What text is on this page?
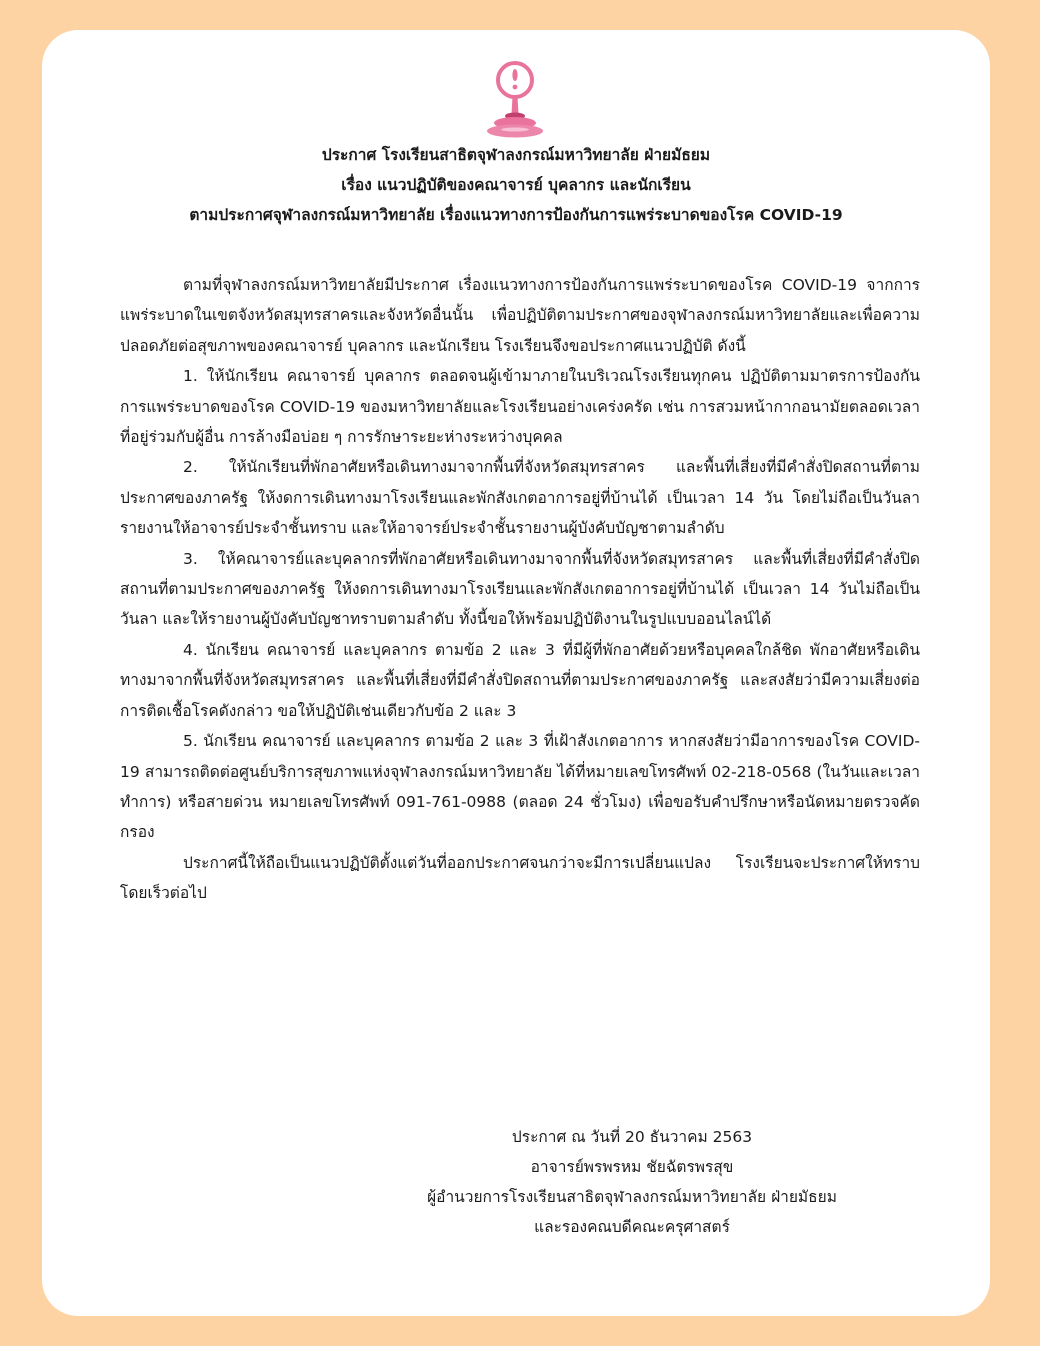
ประกาศ โรงเรียนสาธิตจุฬาลงกรณ์มหาวิทยาลัย ฝ่ายมัธยม
เรื่อง แนวปฏิบัติของคณาจารย์ บุคลากร และนักเรียน
ตามประกาศจุฬาลงกรณ์มหาวิทยาลัย เรื่องแนวทางการป้องกันการแพร่ระบาดของโรค COVID-19

ตามที่จุฬาลงกรณ์มหาวิทยาลัยมีประกาศ เรื่องแนวทางการป้องกันการแพร่ระบาดของโรค COVID-19 จากการแพร่ระบาดในเขตจังหวัดสมุทรสาครและจังหวัดอื่นนั้น เพื่อปฏิบัติตามประกาศของจุฬาลงกรณ์มหาวิทยาลัยและเพื่อความปลอดภัยต่อสุขภาพของคณาจารย์ บุคลากร และนักเรียน โรงเรียนจึงขอประกาศแนวปฏิบัติ ดังนี้

1. ให้นักเรียน คณาจารย์ บุคลากร ตลอดจนผู้เข้ามาภายในบริเวณโรงเรียนทุกคน ปฏิบัติตามมาตรการป้องกันการแพร่ระบาดของโรค COVID-19 ของมหาวิทยาลัยและโรงเรียนอย่างเคร่งครัด เช่น การสวมหน้ากากอนามัยตลอดเวลาที่อยู่ร่วมกับผู้อื่น การล้างมือบ่อย ๆ การรักษาระยะห่างระหว่างบุคคล

2. ให้นักเรียนที่พักอาศัยหรือเดินทางมาจากพื้นที่จังหวัดสมุทรสาคร และพื้นที่เสี่ยงที่มีคำสั่งปิดสถานที่ตามประกาศของภาครัฐ ให้งดการเดินทางมาโรงเรียนและพักสังเกตอาการอยู่ที่บ้านได้ เป็นเวลา 14 วัน โดยไม่ถือเป็นวันลา รายงานให้อาจารย์ประจำชั้นทราบ และให้อาจารย์ประจำชั้นรายงานผู้บังคับบัญชาตามลำดับ

3. ให้คณาจารย์และบุคลากรที่พักอาศัยหรือเดินทางมาจากพื้นที่จังหวัดสมุทรสาคร และพื้นที่เสี่ยงที่มีคำสั่งปิดสถานที่ตามประกาศของภาครัฐ ให้งดการเดินทางมาโรงเรียนและพักสังเกตอาการอยู่ที่บ้านได้ เป็นเวลา 14 วันไม่ถือเป็นวันลา และให้รายงานผู้บังคับบัญชาทราบตามลำดับ ทั้งนี้ขอให้พร้อมปฏิบัติงานในรูปแบบออนไลน์ได้

4. นักเรียน คณาจารย์ และบุคลากร ตามข้อ 2 และ 3 ที่มีผู้ที่พักอาศัยด้วยหรือบุคคลใกล้ชิด พักอาศัยหรือเดินทางมาจากพื้นที่จังหวัดสมุทรสาคร และพื้นที่เสี่ยงที่มีคำสั่งปิดสถานที่ตามประกาศของภาครัฐ และสงสัยว่ามีความเสี่ยงต่อการติดเชื้อโรคดังกล่าว ขอให้ปฏิบัติเช่นเดียวกับข้อ 2 และ 3

5. นักเรียน คณาจารย์ และบุคลากร ตามข้อ 2 และ 3 ที่เฝ้าสังเกตอาการ หากสงสัยว่ามีอาการของโรค COVID-19 สามารถติดต่อศูนย์บริการสุขภาพแห่งจุฬาลงกรณ์มหาวิทยาลัย ได้ที่หมายเลขโทรศัพท์ 02-218-0568 (ในวันและเวลาทำการ) หรือสายด่วน หมายเลขโทรศัพท์ 091-761-0988 (ตลอด 24 ชั่วโมง) เพื่อขอรับคำปรึกษาหรือนัดหมายตรวจคัดกรอง

ประกาศนี้ให้ถือเป็นแนวปฏิบัติตั้งแต่วันที่ออกประกาศจนกว่าจะมีการเปลี่ยนแปลง โรงเรียนจะประกาศให้ทราบโดยเร็วต่อไป

ประกาศ ณ วันที่ 20 ธันวาคม 2563
อาจารย์พรพรหม ชัยฉัตรพรสุข
ผู้อำนวยการโรงเรียนสาธิตจุฬาลงกรณ์มหาวิทยาลัย ฝ่ายมัธยม
และรองคณบดีคณะครุศาสตร์
